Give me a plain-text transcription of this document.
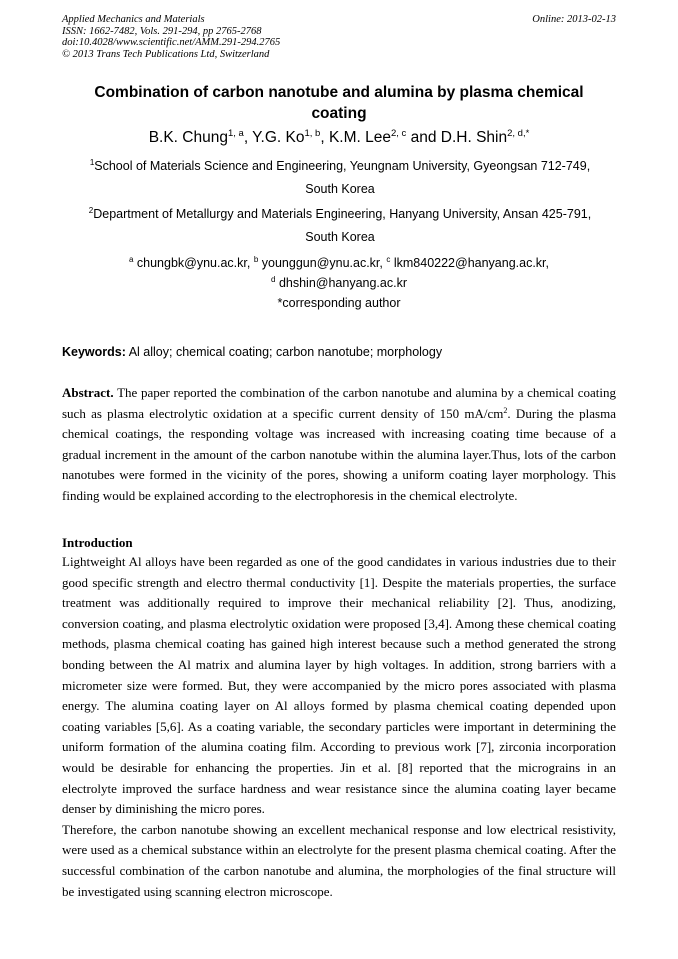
Applied Mechanics and Materials
ISSN: 1662-7482, Vols. 291-294, pp 2765-2768
doi:10.4028/www.scientific.net/AMM.291-294.2765
© 2013 Trans Tech Publications Ltd, Switzerland
Online: 2013-02-13
Combination of carbon nanotube and alumina by plasma chemical
coating
B.K. Chung$^{1, a}$, Y.G. Ko$^{1, b}$, K.M. Lee$^{2, c}$ and D.H. Shin$^{2, d,*}$
$^1$School of Materials Science and Engineering, Yeungnam University, Gyeongsan 712-749,
South Korea
$^2$Department of Metallurgy and Materials Engineering, Hanyang University, Ansan 425-791,
South Korea
$^a$ chungbk@ynu.ac.kr, $^b$ younggun@ynu.ac.kr, $^c$ lkm840222@hanyang.ac.kr,
$^d$ dhshin@hanyang.ac.kr
*corresponding author
Keywords: Al alloy; chemical coating; carbon nanotube; morphology
Abstract. The paper reported the combination of the carbon nanotube and alumina by a chemical coating such as plasma electrolytic oxidation at a specific current density of 150 $mA/cm^2$. During the plasma chemical coatings, the responding voltage was increased with increasing coating time because of a gradual increment in the amount of the carbon nanotube within the alumina layer.Thus, lots of the carbon nanotubes were formed in the vicinity of the pores, showing a uniform coating layer morphology. This finding would be explained according to the electrophoresis in the chemical electrolyte.
Introduction

Lightweight Al alloys have been regarded as one of the good candidates in various industries due to their good specific strength and electro thermal conductivity [1]. Despite the materials properties, the surface treatment was additionally required to improve their mechanical reliability [2]. Thus, anodizing, conversion coating, and plasma electrolytic oxidation were proposed [3,4]. Among these chemical coating methods, plasma chemical coating has gained high interest because such a method generated the strong bonding between the Al matrix and alumina layer by high voltages. In addition, strong barriers with a micrometer size were formed. But, they were accompanied by the micro pores associated with plasma energy. The alumina coating layer on Al alloys formed by plasma chemical coating depended upon coating variables [5,6]. As a coating variable, the secondary particles were important in determining the uniform formation of the alumina coating film. According to previous work [7], zirconia incorporation would be desirable for enhancing the properties. Jin et al. [8] reported that the micrograins in an electrolyte improved the surface hardness and wear resistance since the alumina coating layer became denser by diminishing the micro pores.

Therefore, the carbon nanotube showing an excellent mechanical response and low electrical resistivity, were used as a chemical substance within an electrolyte for the present plasma chemical coating. After the successful combination of the carbon nanotube and alumina, the morphologies of the final structure will be investigated using scanning electron microscope.
